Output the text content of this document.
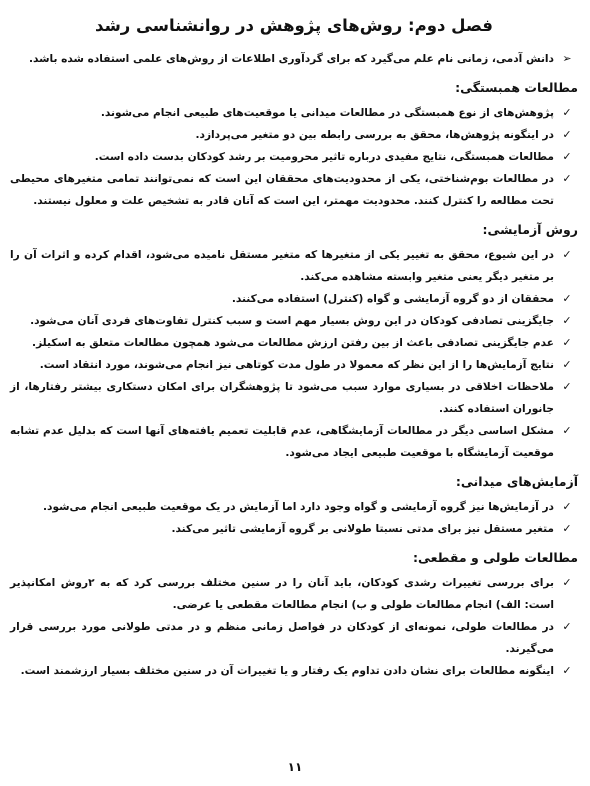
فصل دوم: روش‌های پژوهش در روانشناسی رشد
➢
دانش آدمی، زمانی نام علم می‌گیرد که برای گردآوری اطلاعات از روش‌های علمی استفاده شده باشد.
مطالعات همبستگی:
✓
پژوهش‌های از نوع همبستگی در مطالعات میدانی یا موقعیت‌های طبیعی انجام می‌شوند.
✓
در اینگونه پژوهش‌ها، محقق به بررسی رابطه بین دو متغیر می‌پردازد.
✓
مطالعات همبستگی، نتایج مفیدی درباره تاثیر محرومیت بر رشد کودکان بدست داده است.
✓
در مطالعات بوم‌شناختی، یکی از محدودیت‌های محققان این است که نمی‌توانند تمامی متغیرهای محیطی تحت مطالعه را کنترل کنند. محدودیت مهمتر، این است که آنان قادر به تشخیص علت و معلول نیستند.
روش آزمایشی:
✓
در این شیوع، محقق به تغییر یکی از متغیرها که متغیر مستقل نامیده می‌شود، اقدام کرده و اثرات آن را بر متغیر دیگر یعنی متغیر وابسته مشاهده می‌کند.
✓
محققان از دو گروه آزمایشی و گواه (کنترل) استفاده می‌کنند.
✓
جایگزینی تصادفی کودکان در این روش بسیار مهم است و سبب کنترل تفاوت‌های فردی آنان می‌شود.
✓
عدم جایگزینی تصادفی باعث از بین رفتن ارزش مطالعات می‌شود همچون مطالعات متعلق به اسکیلز.
✓
نتایج آزمایش‌ها را از این نظر که معمولا در طول مدت کوتاهی نیز انجام می‌شوند، مورد انتقاد است.
✓
ملاحظات اخلاقی در بسیاری موارد سبب می‌شود تا پژوهشگران برای امکان دستکاری بیشتر رفتارها، از جانوران استفاده کنند.
✓
مشکل اساسی دیگر در مطالعات آزمایشگاهی، عدم قابلیت تعمیم یافته‌های آنها است که بدلیل عدم تشابه موقعیت آزمایشگاه با موقعیت طبیعی ایجاد می‌شود.
آزمایش‌های میدانی:
✓
در آزمایش‌ها نیز گروه آزمایشی و گواه وجود دارد اما آزمایش در یک موقعیت طبیعی انجام می‌شود.
✓
متغیر مستقل نیز برای مدتی نسبتا طولانی بر گروه آزمایشی تاثیر می‌کند.
مطالعات طولی و مقطعی:
✓
برای بررسی تغییرات رشدی کودکان، باید آنان را در سنین مختلف بررسی کرد که به ۲روش امکانپذیر است: الف) انجام مطالعات طولی و ب) انجام مطالعات مقطعی یا عرضی.
✓
در مطالعات طولی، نمونه‌ای از کودکان در فواصل زمانی منظم و در مدتی طولانی مورد بررسی قرار می‌گیرند.
✓
اینگونه مطالعات برای نشان دادن تداوم یک رفتار و یا تغییرات آن در سنین مختلف بسیار ارزشمند است.
۱۱
